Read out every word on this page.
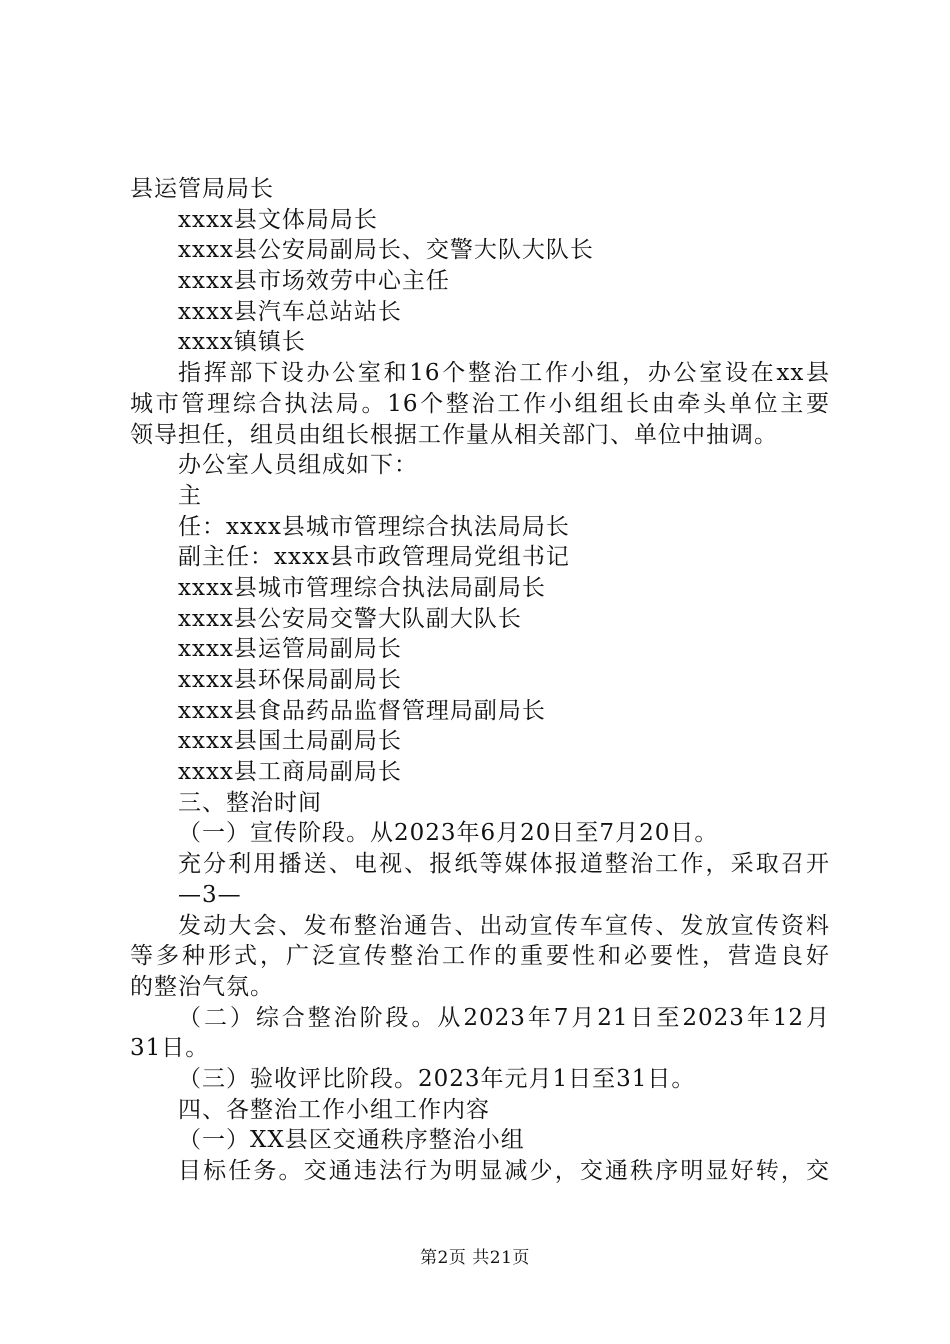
县运管局局长
xxxx县文体局局长
xxxx县公安局副局长、交警大队大队长
xxxx县市场效劳中心主任
xxxx县汽车总站站长
xxxx镇镇长
指挥部下设办公室和16个整治工作小组，办公室设在xx县
城市管理综合执法局。16个整治工作小组组长由牵头单位主要
领导担任，组员由组长根据工作量从相关部门、单位中抽调。
办公室人员组成如下：
主
任：xxxx县城市管理综合执法局局长
副主任：xxxx县市政管理局党组书记
xxxx县城市管理综合执法局副局长
xxxx县公安局交警大队副大队长
xxxx县运管局副局长
xxxx县环保局副局长
xxxx县食品药品监督管理局副局长
xxxx县国土局副局长
xxxx县工商局副局长
三、整治时间
（一）宣传阶段。从2023年6月20日至7月20日。
充分利用播送、电视、报纸等媒体报道整治工作，采取召开
—3—
发动大会、发布整治通告、出动宣传车宣传、发放宣传资料
等多种形式，广泛宣传整治工作的重要性和必要性，营造良好
的整治气氛。
（二）综合整治阶段。从2023年7月21日至2023年12月
31日。
（三）验收评比阶段。2023年元月1日至31日。
四、各整治工作小组工作内容
（一）XX县区交通秩序整治小组
目标任务。交通违法行为明显减少，交通秩序明显好转，交
第2页 共21页
